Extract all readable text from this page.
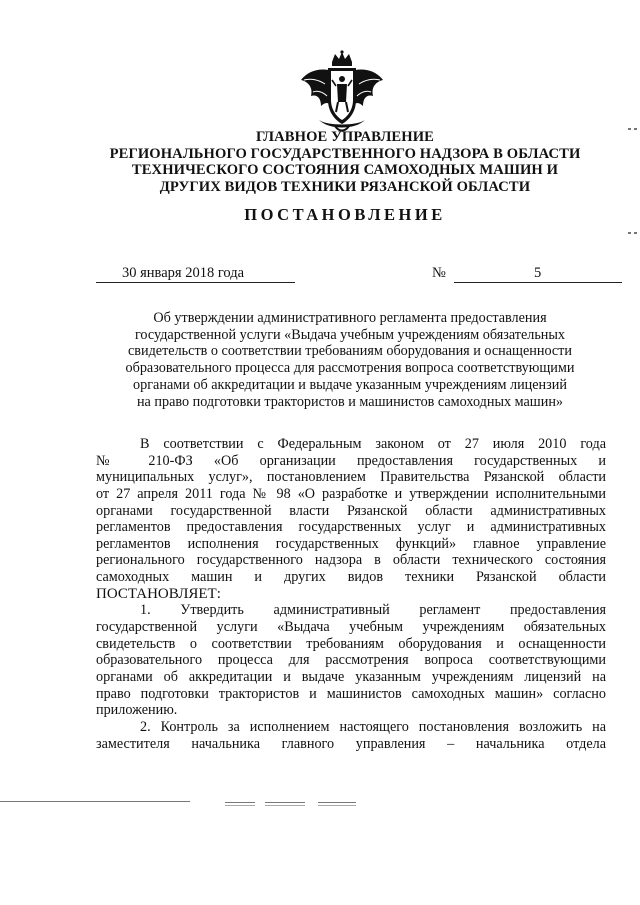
ГЛАВНОЕ УПРАВЛЕНИЕ
РЕГИОНАЛЬНОГО ГОСУДАРСТВЕННОГО НАДЗОРА В ОБЛАСТИ
ТЕХНИЧЕСКОГО СОСТОЯНИЯ САМОХОДНЫХ МАШИН И
ДРУГИХ ВИДОВ ТЕХНИКИ РЯЗАНСКОЙ ОБЛАСТИ
ПОСТАНОВЛЕНИЕ
30 января 2018 года	№	5
Об утверждении административного регламента предоставления
государственной услуги «Выдача учебным учреждениям обязательных
свидетельств о соответствии требованиям оборудования и оснащенности
образовательного процесса для рассмотрения вопроса соответствующими
органами об аккредитации и выдаче указанным учреждениям лицензий
на право подготовки трактористов и машинистов самоходных машин»
В соответствии с Федеральным законом от 27 июля 2010 года
№ 210-ФЗ «Об организации предоставления государственных и
муниципальных услуг», постановлением Правительства Рязанской области
от 27 апреля 2011 года № 98 «О разработке и утверждении исполнительными
органами государственной власти Рязанской области административных
регламентов предоставления государственных услуг и административных
регламентов исполнения государственных функций» главное управление
регионального государственного надзора в области технического состояния
самоходных машин и других видов техники Рязанской области
ПОСТАНОВЛЯЕТ:
1. Утвердить административный регламент предоставления
государственной услуги «Выдача учебным учреждениям обязательных
свидетельств о соответствии требованиям оборудования и оснащенности
образовательного процесса для рассмотрения вопроса соответствующими
органами об аккредитации и выдаче указанным учреждениям лицензий на
право подготовки трактористов и машинистов самоходных машин» согласно
приложению.
2. Контроль за исполнением настоящего постановления возложить на
заместителя начальника главного управления – начальника отдела
